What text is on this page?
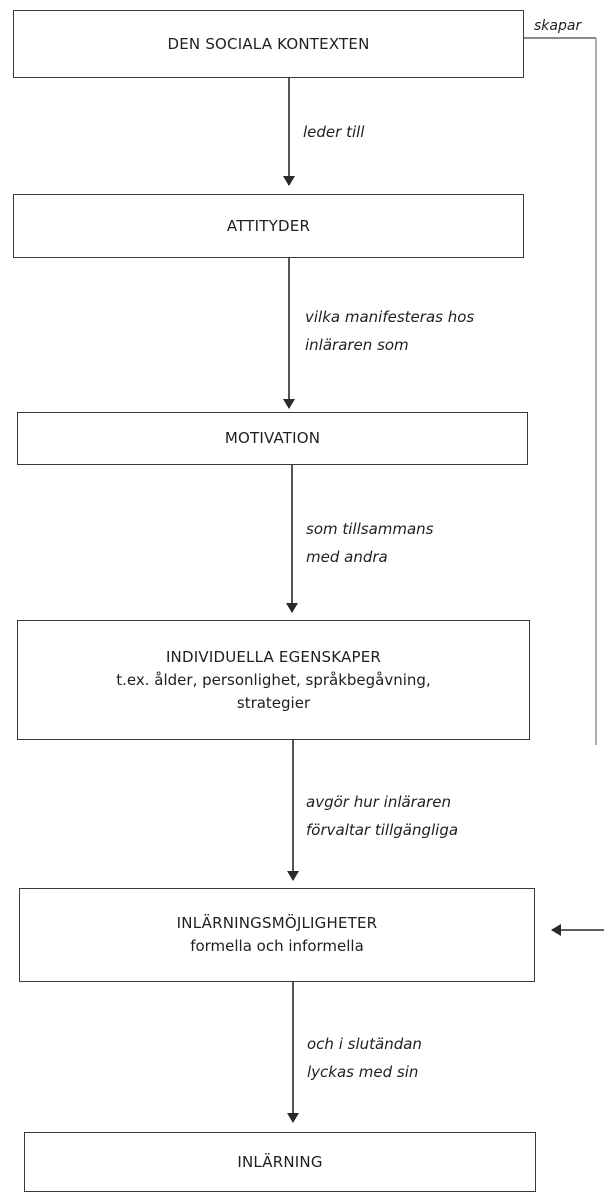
DEN SOCIALA KONTEXTEN
ATTITYDER
MOTIVATION
INDIVIDUELLA EGENSKAPER
t.ex. ålder, personlighet, språkbegåvning,
strategier
INLÄRNINGSMÖJLIGHETER
formella och informella
INLÄRNING
leder till
vilka manifesteras hos
inläraren som
som tillsammans
med andra
avgör hur inläraren
förvaltar tillgängliga
och i slutändan
lyckas med sin
skapar
